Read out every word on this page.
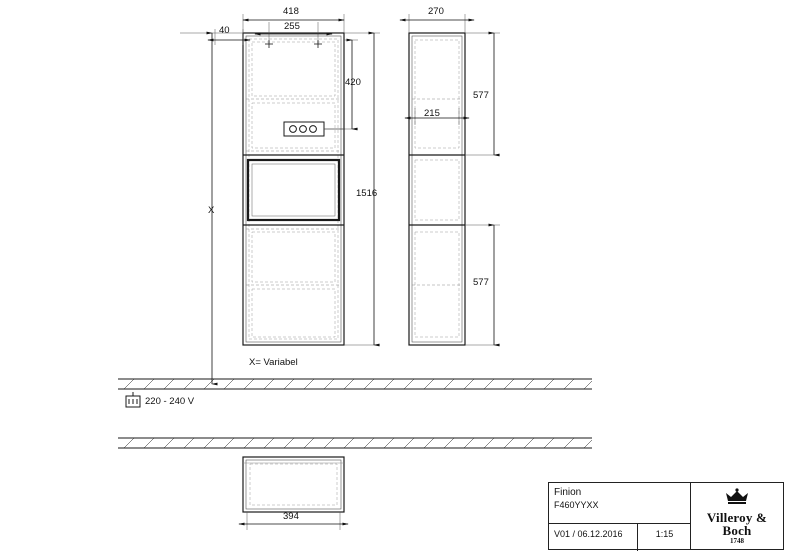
418
255
40
420
1516
X
X= Variabel
270
215
577
577
394
220 - 240 V
Finion
F460YYXX
V01 / 06.12.2016	1:15
Villeroy & Boch
1748
